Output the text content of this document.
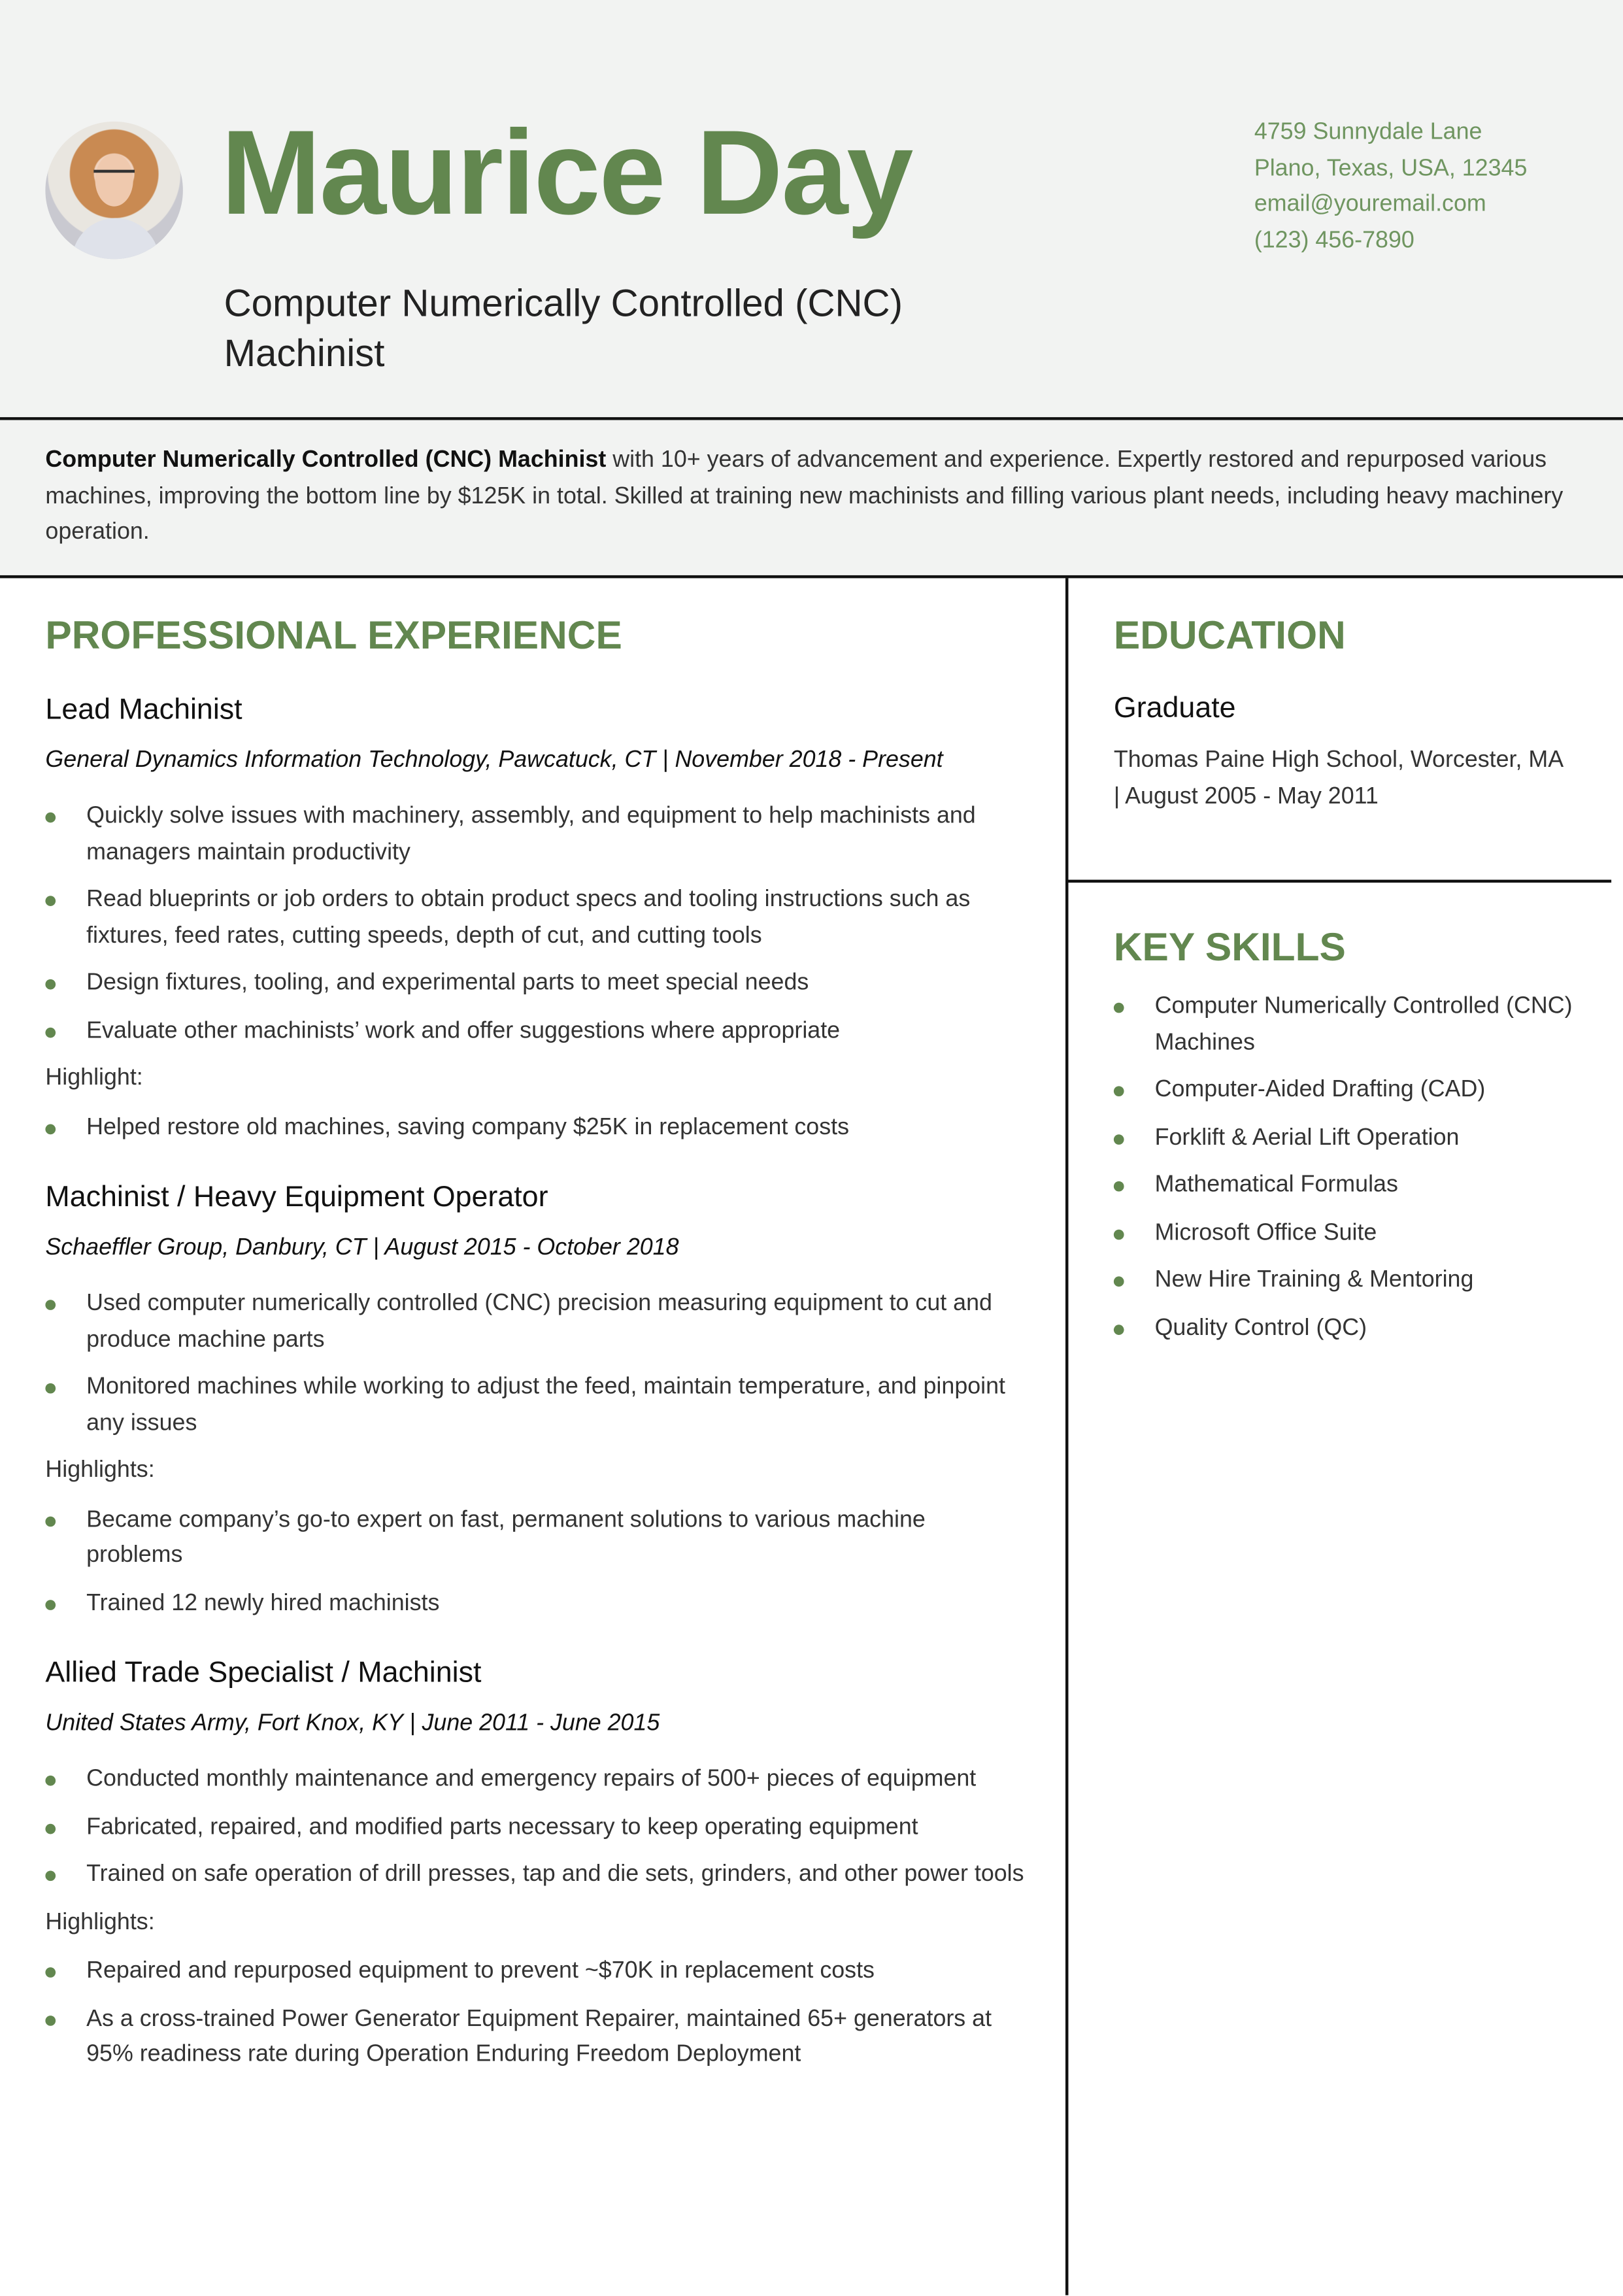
Maurice Day
Computer Numerically Controlled (CNC) Machinist
4759 Sunnydale Lane
Plano, Texas, USA, 12345
email@youremail.com
(123) 456-7890

Computer Numerically Controlled (CNC) Machinist with 10+ years of advancement and experience. Expertly restored and repurposed various machines, improving the bottom line by $125K in total. Skilled at training new machinists and filling various plant needs, including heavy machinery operation.

PROFESSIONAL EXPERIENCE
Lead Machinist
General Dynamics Information Technology, Pawcatuck, CT | November 2018 - Present
Quickly solve issues with machinery, assembly, and equipment to help machinists and managers maintain productivity
Read blueprints or job orders to obtain product specs and tooling instructions such as fixtures, feed rates, cutting speeds, depth of cut, and cutting tools
Design fixtures, tooling, and experimental parts to meet special needs
Evaluate other machinists’ work and offer suggestions where appropriate
Highlight:
Helped restore old machines, saving company $25K in replacement costs
Machinist / Heavy Equipment Operator
Schaeffler Group, Danbury, CT | August 2015 - October 2018
Used computer numerically controlled (CNC) precision measuring equipment to cut and produce machine parts
Monitored machines while working to adjust the feed, maintain temperature, and pinpoint any issues
Highlights:
Became company’s go-to expert on fast, permanent solutions to various machine problems
Trained 12 newly hired machinists
Allied Trade Specialist / Machinist
United States Army, Fort Knox, KY | June 2011 - June 2015
Conducted monthly maintenance and emergency repairs of 500+ pieces of equipment
Fabricated, repaired, and modified parts necessary to keep operating equipment
Trained on safe operation of drill presses, tap and die sets, grinders, and other power tools
Highlights:
Repaired and repurposed equipment to prevent ~$70K in replacement costs
As a cross-trained Power Generator Equipment Repairer, maintained 65+ generators at 95% readiness rate during Operation Enduring Freedom Deployment
EDUCATION
Graduate
Thomas Paine High School, Worcester, MA | August 2005 - May 2011
KEY SKILLS
Computer Numerically Controlled (CNC) Machines
Computer-Aided Drafting (CAD)
Forklift & Aerial Lift Operation
Mathematical Formulas
Microsoft Office Suite
New Hire Training & Mentoring
Quality Control (QC)
